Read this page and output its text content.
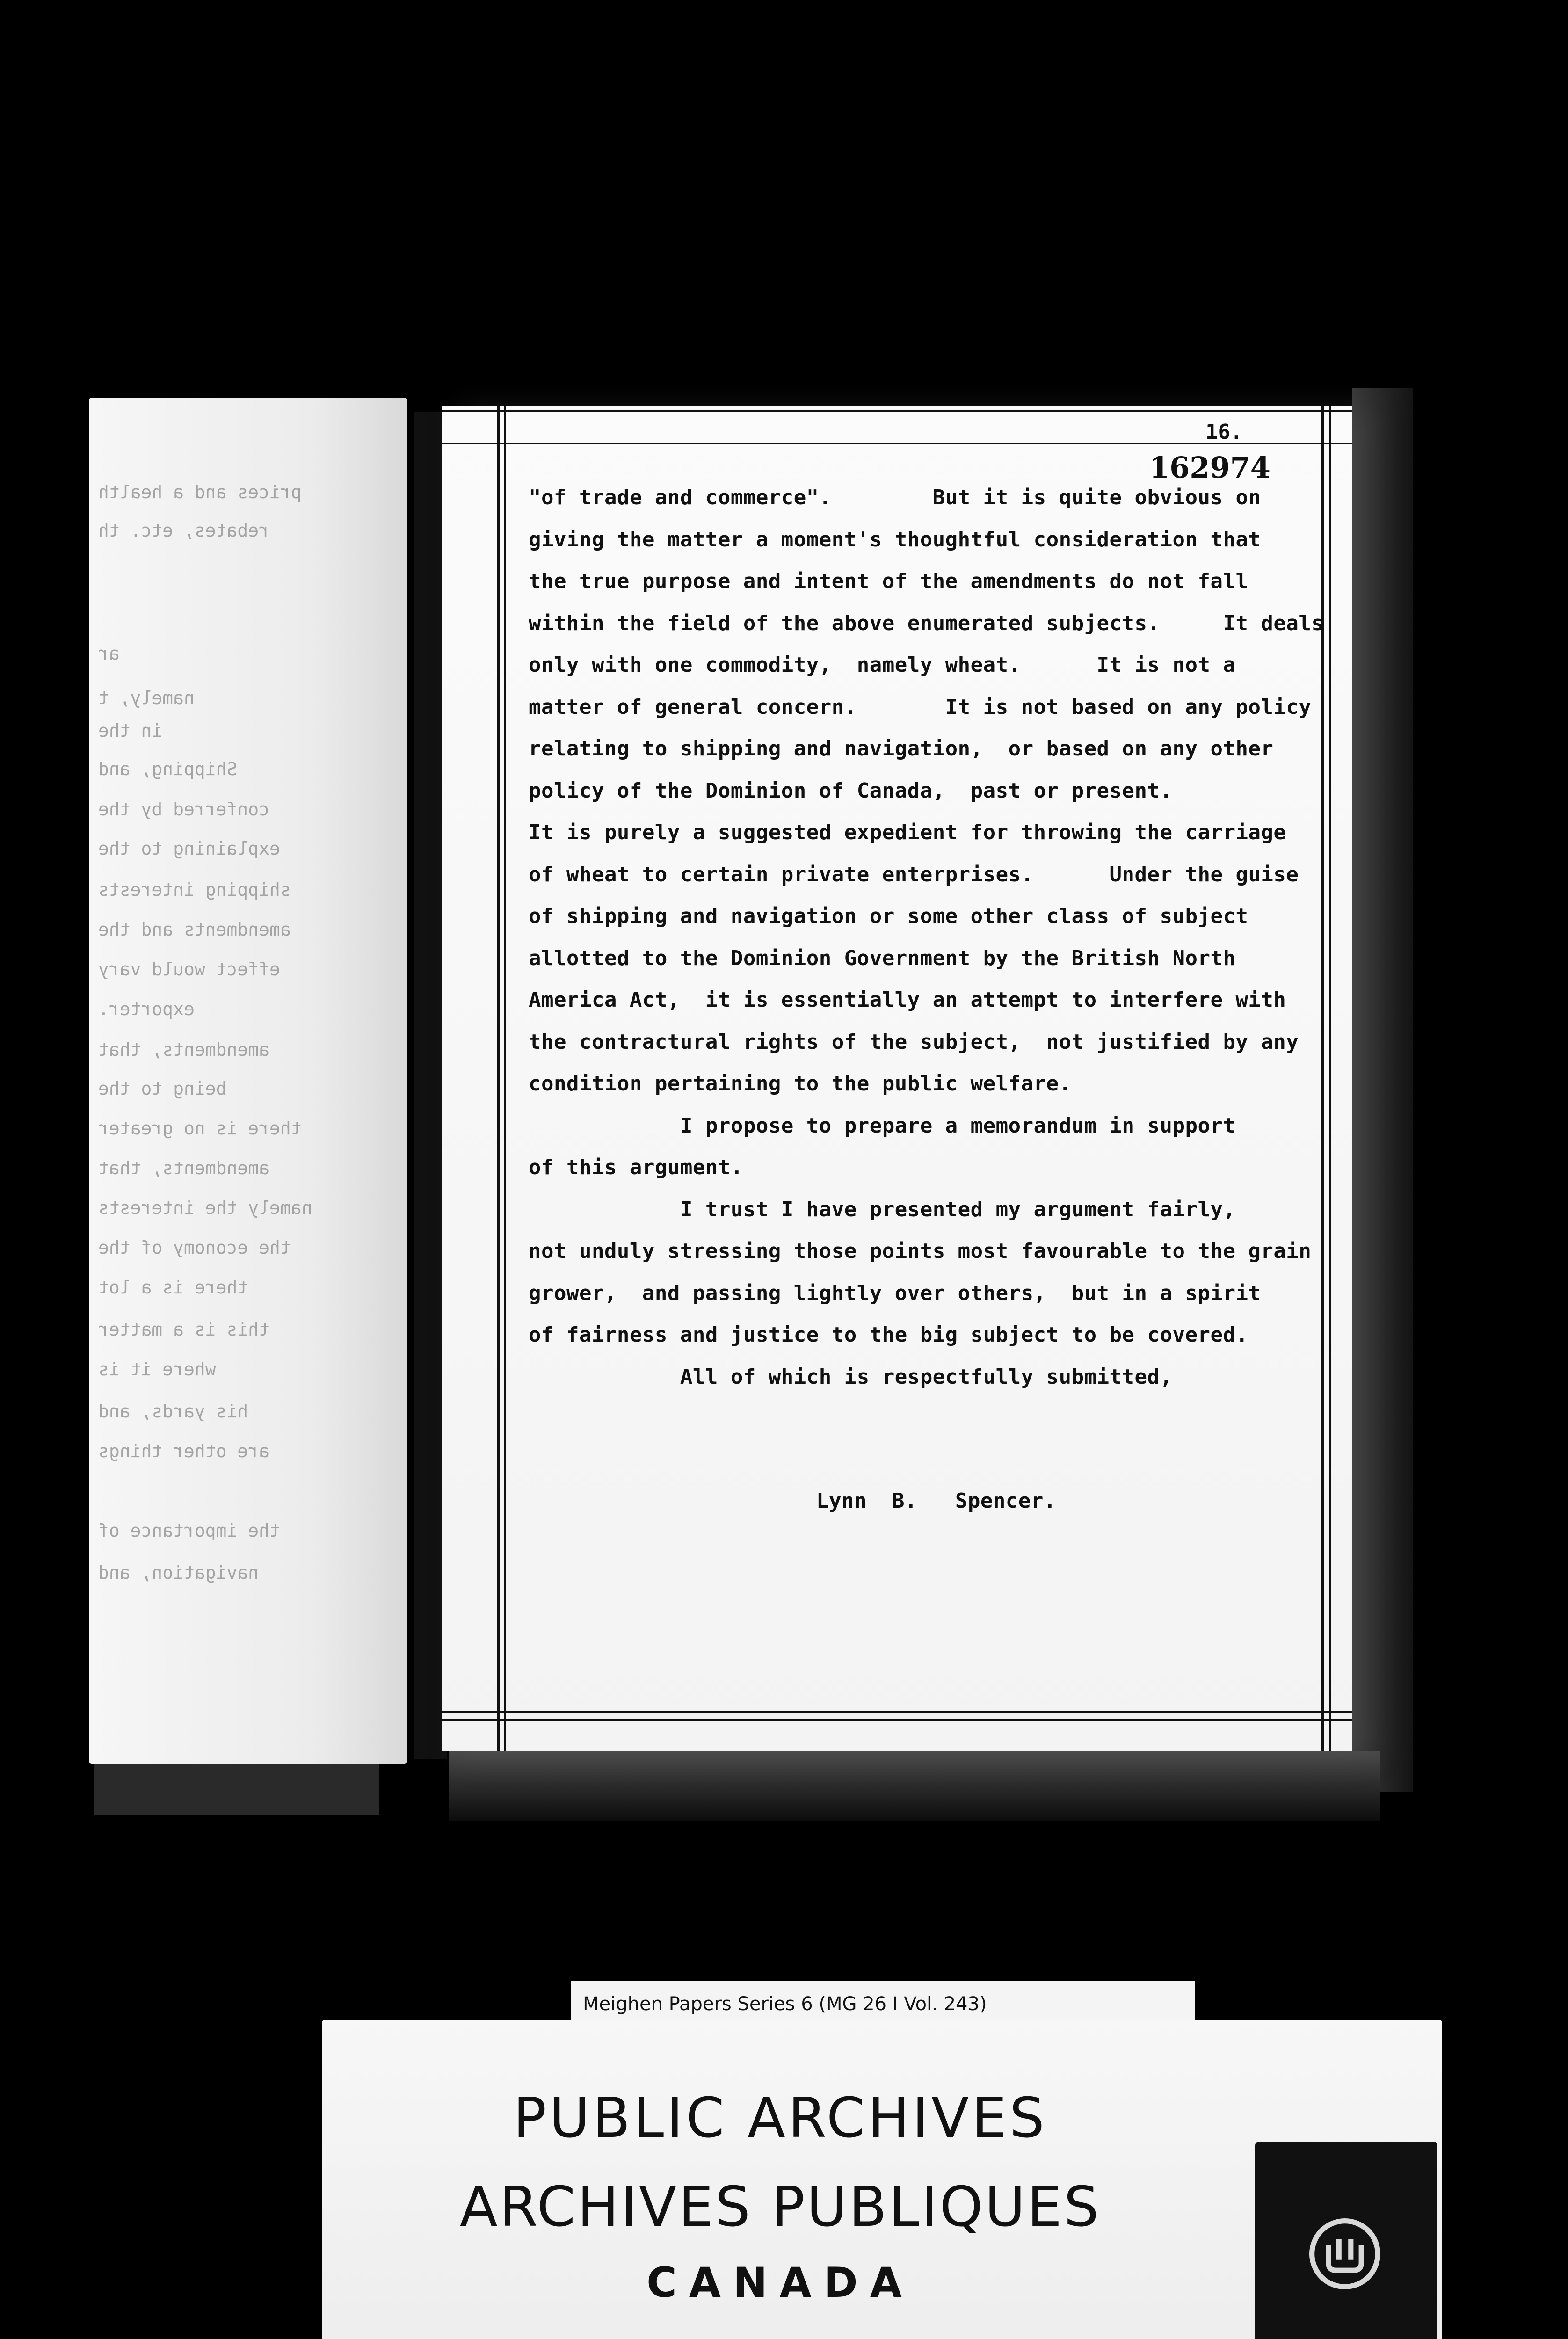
prices and a health
rebates, etc. th
ar
namely, t
in the
Shipping, and
conferred by the
explaining to the
shipping interests
amendments and the
effect would vary
exporter.
amendments, that
being to the
there is no greater
amendments, that
namely the interests
the economy of the
there is a lot
this is a matter
where it is
his yards, and
are other things
the importance of
navigation, and
16.
162974
"of trade and commerce".        But it is quite obvious on
giving the matter a moment's thoughtful consideration that
the true purpose and intent of the amendments do not fall
within the field of the above enumerated subjects.     It deals
only with one commodity,  namely wheat.      It is not a
matter of general concern.       It is not based on any policy
relating to shipping and navigation,  or based on any other
policy of the Dominion of Canada,  past or present.
It is purely a suggested expedient for throwing the carriage
of wheat to certain private enterprises.      Under the guise
of shipping and navigation or some other class of subject
allotted to the Dominion Government by the British North
America Act,  it is essentially an attempt to interfere with
the contractural rights of the subject,  not justified by any
condition pertaining to the public welfare.
I propose to prepare a memorandum in support
of this argument.
I trust I have presented my argument fairly,
not unduly stressing those points most favourable to the grain
grower,  and passing lightly over others,  but in a spirit
of fairness and justice to the big subject to be covered.
All of which is respectfully submitted,
Lynn  B.   Spencer.
Meighen Papers Series 6 (MG 26 I Vol. 243)
PUBLIC ARCHIVES
ARCHIVES PUBLIQUES
CANADA
